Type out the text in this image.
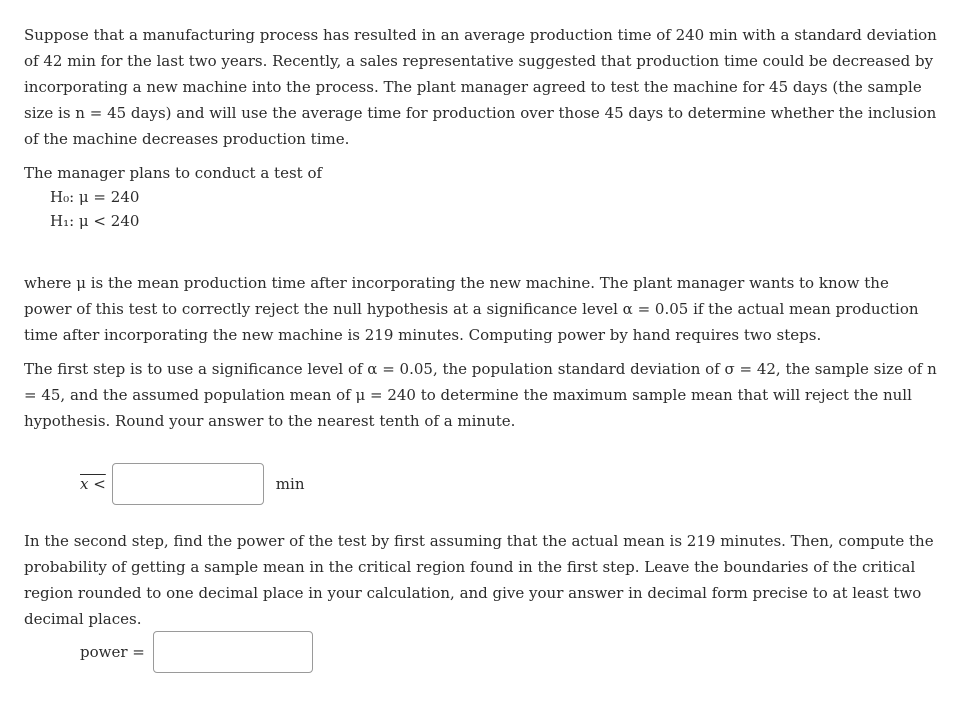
Suppose that a manufacturing process has resulted in an average production time of 240 min with a standard deviation of 42 min for the last two years. Recently, a sales representative suggested that production time could be decreased by incorporating a new machine into the process. The plant manager agreed to test the machine for 45 days (the sample size is n = 45 days) and will use the average time for production over those 45 days to determine whether the inclusion of the machine decreases production time.

The manager plans to conduct a test of

H₀: μ = 240
H₁: μ < 240

where μ is the mean production time after incorporating the new machine. The plant manager wants to know the power of this test to correctly reject the null hypothesis at a significance level α = 0.05 if the actual mean production time after incorporating the new machine is 219 minutes. Computing power by hand requires two steps.

The first step is to use a significance level of α = 0.05, the population standard deviation of σ = 42, the sample size of n = 45, and the assumed population mean of μ = 240 to determine the maximum sample mean that will reject the null hypothesis. Round your answer to the nearest tenth of a minute.

x <	min

In the second step, find the power of the test by first assuming that the actual mean is 219 minutes. Then, compute the probability of getting a sample mean in the critical region found in the first step. Leave the boundaries of the critical region rounded to one decimal place in your calculation, and give your answer in decimal form precise to at least two decimal places.

power =
